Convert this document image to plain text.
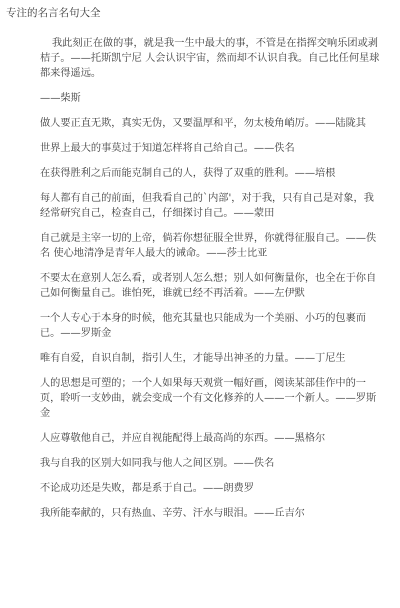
专注的名言名句大全

我此刻正在做的事，就是我一生中最大的事，不管是在指挥交响乐团或剥桔子。——托斯凯宁尼 人会认识宇宙，然而却不认识自我。自己比任何星球都来得遥远。

——柴斯

做人要正直无欺，真实无伪，又要温厚和平，勿太棱角峭厉。——陆陇其

世界上最大的事莫过于知道怎样将自己给自己。——佚名

在获得胜利之后而能克制自己的人，获得了双重的胜利。——培根

每人都有自己的前面，但我看自己的`内部'，对于我，只有自己是对象，我经常研究自己，检查自己，仔细探讨自己。——蒙田

自己就是主宰一切的上帝，倘若你想征服全世界，你就得征服自己。——佚名 使心地清净是青年人最大的诫命。——莎士比亚

不要太在意别人怎么看，或者别人怎么想；别人如何衡量你，也全在于你自己如何衡量自己。谁怕死，谁就已经不再活着。——左伊默

一个人专心于本身的时候，他充其量也只能成为一个美丽、小巧的包裹而已。——罗斯金

唯有自爱，自识自制，指引人生，才能导出神圣的力量。——丁尼生

人的思想是可塑的；一个人如果每天观赏一幅好画，阅读某部佳作中的一页，聆听一支妙曲，就会变成一个有文化修养的人——一个新人。——罗斯金

人应尊敬他自己，并应自视能配得上最高尚的东西。——黑格尔

我与自我的区别大如同我与他人之间区别。——佚名

不论成功还是失败，都是系于自己。——朗费罗

我所能奉献的，只有热血、辛劳、汗水与眼泪。——丘吉尔
